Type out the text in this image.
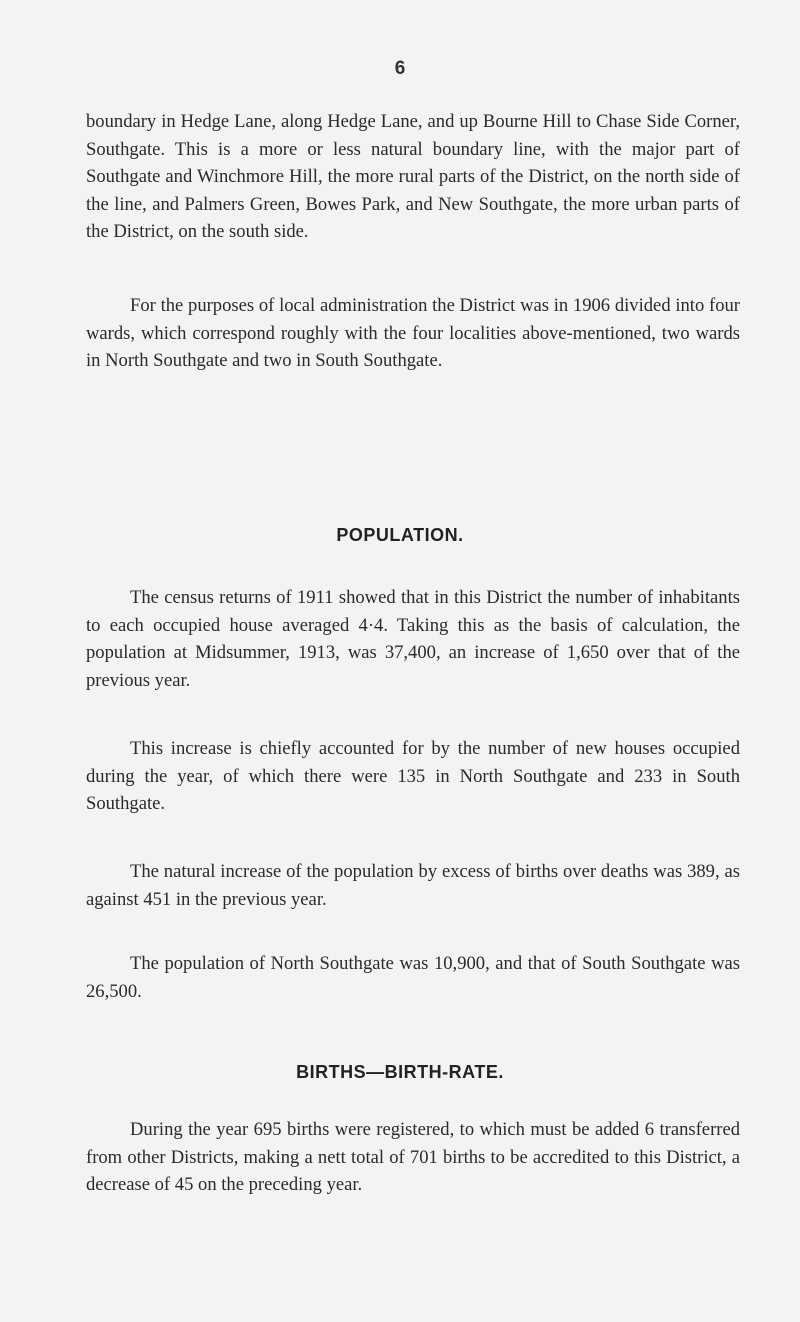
6

boundary in Hedge Lane, along Hedge Lane, and up Bourne Hill to Chase Side Corner, Southgate. This is a more or less natural boundary line, with the major part of Southgate and Winchmore Hill, the more rural parts of the District, on the north side of the line, and Palmers Green, Bowes Park, and New Southgate, the more urban parts of the District, on the south side.

For the purposes of local administration the District was in 1906 divided into four wards, which correspond roughly with the four localities above-mentioned, two wards in North Southgate and two in South Southgate.

POPULATION.

The census returns of 1911 showed that in this District the number of inhabitants to each occupied house averaged 4·4. Taking this as the basis of calculation, the population at Midsummer, 1913, was 37,400, an increase of 1,650 over that of the previous year.

This increase is chiefly accounted for by the number of new houses occupied during the year, of which there were 135 in North Southgate and 233 in South Southgate.

The natural increase of the population by excess of births over deaths was 389, as against 451 in the previous year.

The population of North Southgate was 10,900, and that of South Southgate was 26,500.

BIRTHS—BIRTH-RATE.

During the year 695 births were registered, to which must be added 6 transferred from other Districts, making a nett total of 701 births to be accredited to this District, a decrease of 45 on the preceding year.
